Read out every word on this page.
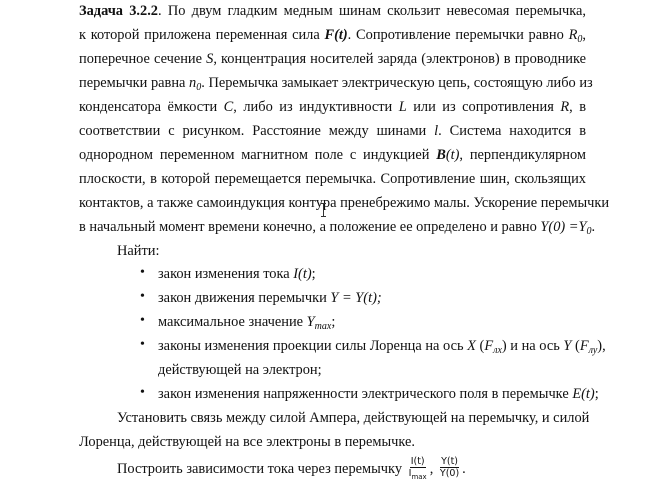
Задача 3.2.2. По двум гладким медным шинам скользит невесомая перемычка,
к которой приложена переменная сила F(t). Сопротивление перемычки равно $R_0$,
поперечное сечение S, концентрация носителей заряда (электронов) в проводнике
перемычки равна $n_0$. Перемычка замыкает электрическую цепь, состоящую либо из
конденсатора ёмкости C, либо из индуктивности L или из сопротивления R, в
соответствии с рисунком. Расстояние между шинами l. Система находится в
однородном переменном магнитном поле с индукцией B(t), перпендикулярном
плоскости, в которой перемещается перемычка. Сопротивление шин, скользящих
контактов, а также самоиндукция контура пренебрежимо малы. Ускорение перемычки
в начальный момент времени конечно, а положение ее определено и равно $Y(0) =Y_0$.
Найти:
• закон изменения тока I(t);
• закон движения перемычки Y = Y(t);
• максимальное значение $Y_{max}$;
• законы изменения проекции силы Лоренца на ось X $(F_{лх})$ и на ось Y $(F_{лу})$,
действующей на электрон;
• закон изменения напряженности электрического поля в перемычке E(t);
Установить связь между силой Ампера, действующей на перемычку, и силой
Лоренца, действующей на все электроны в перемычке.
Построить зависимости тока через перемычку $\frac{I(t)}{I_{max}}$ , $\frac{Y(t)}{Y(0)}$ .
